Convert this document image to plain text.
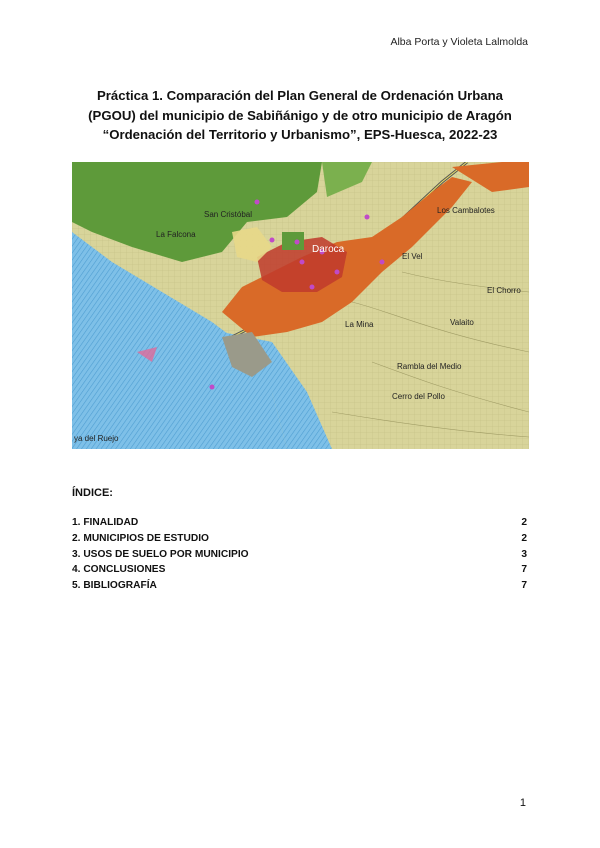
Alba Porta y Violeta Lalmolda
Práctica 1. Comparación del Plan General de Ordenación Urbana
(PGOU) del municipio de Sabiñánigo y de otro municipio de Aragón
“Ordenación del Territorio y Urbanismo”, EPS-Huesca, 2022-23
San Cristóbal
La Falcona
Daroca
Los Cambalotes
El Vel
El Chorro
Valaito
La Mina
Rambla del Medio
Cerro del Pollo
ya del Ruejo
ÍNDICE:
1. FINALIDAD	2
2. MUNICIPIOS DE ESTUDIO	2
3. USOS DE SUELO POR MUNICIPIO	3
4. CONCLUSIONES	7
5. BIBLIOGRAFÍA	7
1
